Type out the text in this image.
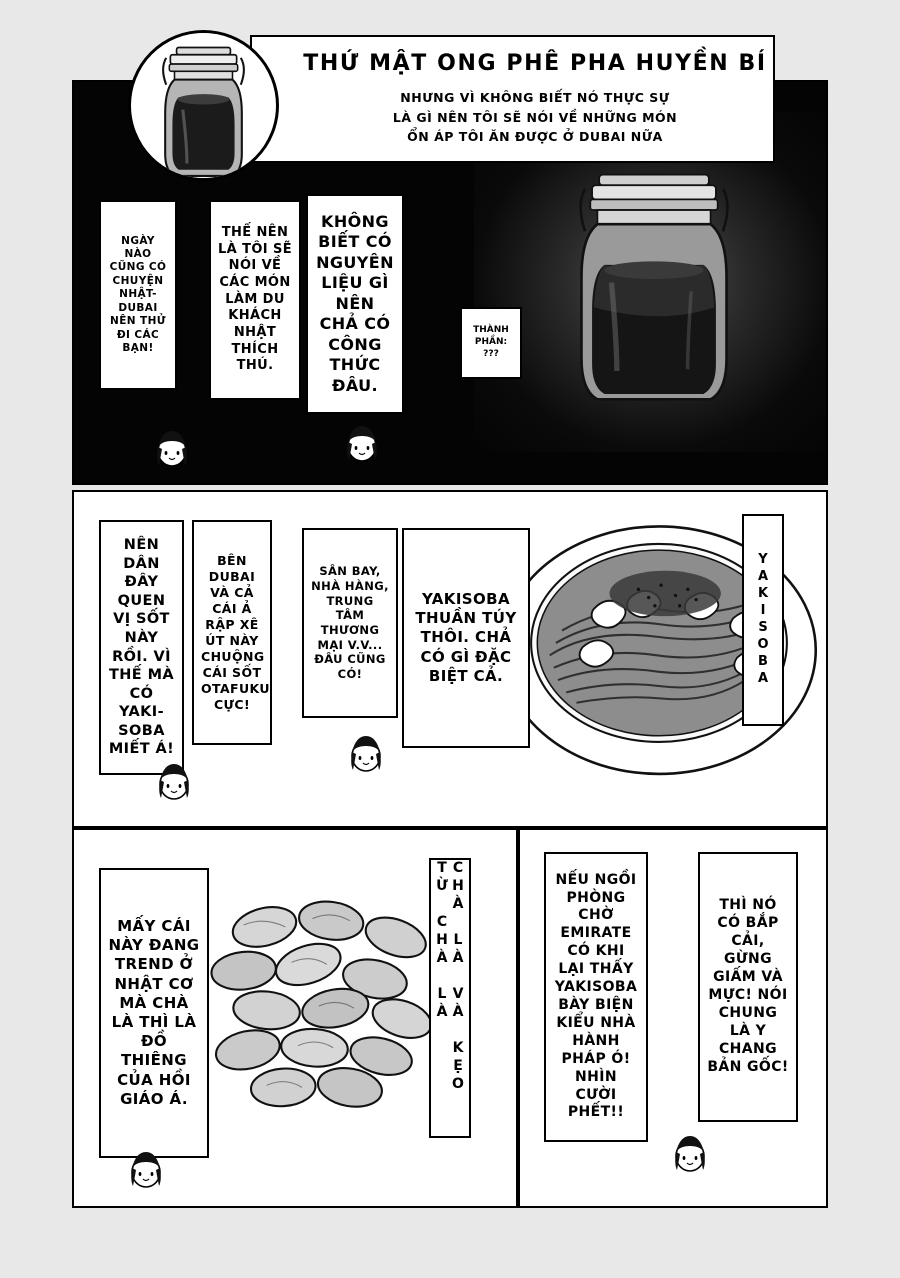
NGÀY NÀO CŨNG CÓ CHUYỆN NHẬT-DUBAI NÊN THỬ ĐI CÁC BẠN!
THẾ NÊN LÀ TÔI SẼ NÓI VỀ CÁC MÓN LÀM DU KHÁCH NHẬT THÍCH THÚ.
KHÔNG BIẾT CÓ NGUYÊN LIỆU GÌ NÊN CHẢ CÓ CÔNG THỨC ĐÂU.
THÀNH PHẦN: ???
NÊN DÂN ĐÂY QUEN VỊ SỐT NÀY RỒI. VÌ THẾ MÀ CÓ YAKI-SOBA MIẾT Á!
BÊN DUBAI VÀ CẢ CÁI Ả RẬP XÊ ÚT NÀY CHUỘNG CÁI SỐT OTAFUKU CỰC!
SÂN BAY, NHÀ HÀNG, TRUNG TÂM THƯƠNG MẠI V.V... ĐÂU CŨNG CÓ!
YAKISOBA THUẦN TÚY THÔI. CHẢ CÓ GÌ ĐẶC BIỆT CẢ.	YAKISOBA
MẤY CÁI NÀY ĐANG TREND Ở NHẬT CƠ MÀ CHÀ LÀ THÌ LÀ ĐỒ THIÊNG CỦA HỒI GIÁO Á.
CHÀ LÀ VÀ KẸO TỪ CHÀ LÀ	NẾU NGỒI PHÒNG CHỜ EMIRATE CÓ KHI LẠI THẤY YAKISOBA BÀY BIỆN KIỂU NHÀ HÀNH PHÁP Ó! NHÌN CƯỜI PHẾT!!
THÌ NÓ CÓ BẮP CẢI, GỪNG GIẤM VÀ MỰC! NÓI CHUNG LÀ Y CHANG BẢN GỐC!
THỨ MẬT ONG PHÊ PHA HUYỀN BÍ
NHƯNG VÌ KHÔNG BIẾT NÓ THỰC SỰ
LÀ GÌ NÊN TÔI SẼ NÓI VỀ NHỮNG MÓN
ỔN ÁP TÔI ĂN ĐƯỢC Ở DUBAI NỮA
